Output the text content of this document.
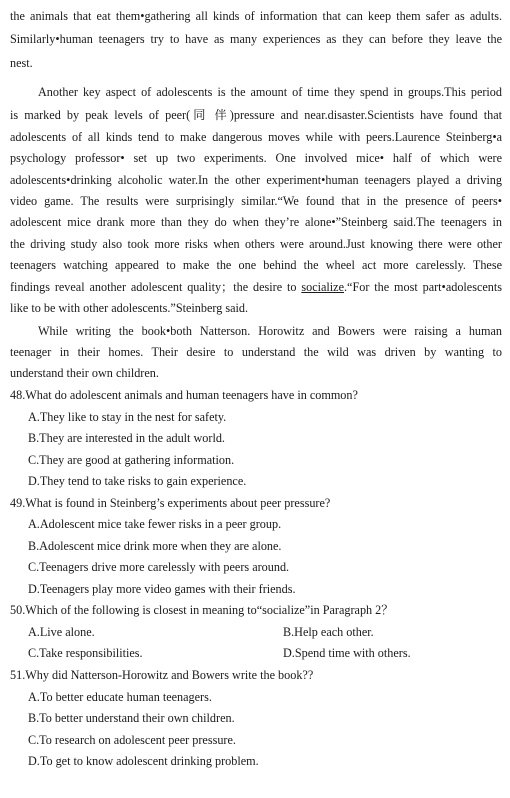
the animals that eat them•gathering all kinds of information that can keep them safer as adults.
Similarly•human teenagers try to have as many experiences as they can before they leave the
nest.
Another key aspect of adolescents is the amount of time they spend in groups.This period
is marked by peak levels of peer(同 伴)pressure and near.disaster.Scientists have found that
adolescents of all kinds tend to make dangerous moves while with peers.Laurence Steinberg•a
psychology professor• set up two experiments. One involved mice• half of which were
adolescents•drinking alcoholic water.In the other experiment•human teenagers played a driving
video game. The results were surprisingly similar.“We found that in the presence of peers•
adolescent mice drank more than they do when they’re alone•”Steinberg said.The teenagers in
the driving study also took more risks when others were around.Just knowing there were other
teenagers watching appeared to make the one behind the wheel act more carelessly. These
findings reveal another adolescent quality；the desire to socialize.“For the most part•adolescents
like to be with other adolescents.”Steinberg said.
While writing the book•both Natterson. Horowitz and Bowers were raising a human
teenager in their homes. Their desire to understand the wild was driven by wanting to
understand their own children.
48.What do adolescent animals and human teenagers have in common?
A.They like to stay in the nest for safety.
B.They are interested in the adult world.
C.They are good at gathering information.
D.They tend to take risks to gain experience.
49.What is found in Steinberg’s experiments about peer pressure?
A.Adolescent mice take fewer risks in a peer group.
B.Adolescent mice drink more when they are alone.
C.Teenagers drive more carelessly with peers around.
D.Teenagers play more video games with their friends.
50.Which of the following is closest in meaning to“socialize”in Paragraph 2？
A.Live alone.	B.Help each other.
C.Take responsibilities.	D.Spend time with others.
51.Why did Natterson-Horowitz and Bowers write the book??
A.To better educate human teenagers.
B.To better understand their own children.
C.To research on adolescent peer pressure.
D.To get to know adolescent drinking problem.
